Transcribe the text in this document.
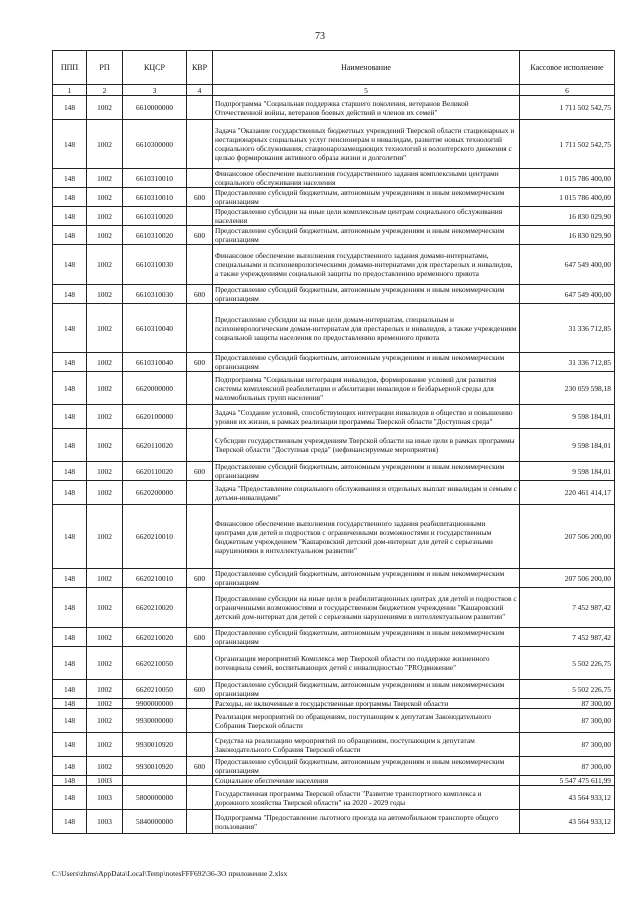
73
ППП	РП	КЦСР	КВР	Наименование	Кассовое исполнение
1	2	3	4	5	6
148	1002	6610000000		Подпрограмма "Социальная поддержка старшего поколения, ветеранов Великой Отечественной войны, ветеранов боевых действий и членов их семей"	1 711 502 542,75
148	1002	6610300000		Задача "Оказание государственных бюджетных учреждений Тверской области стационарных и нестационарных социальных услуг пенсионерам и инвалидам, развитие новых технологий социального обслуживания, стационарозамещающих технологий и волонтерского движения с целью формирования активного образа жизни и долголетия"	1 711 502 542,75
148	1002	6610310010		Финансовое обеспечение выполнения государственного задания комплексными центрами социального обслуживания населения	1 015 786 400,00
148	1002	6610310010	600	Предоставление субсидий бюджетным, автономным учреждениям и иным некоммерческим организациям	1 015 786 400,00
148	1002	6610310020		Предоставление субсидии на иные цели комплексным центрам социального обслуживания населения	16 830 029,90
148	1002	6610310020	600	Предоставление субсидий бюджетным, автономным учреждениям и иным некоммерческим организациям	16 830 029,90
148	1002	6610310030		Финансовое обеспечение выполнения государственного задания домами-интернатами, специальными и психоневрологическими домами-интернатами для престарелых и инвалидов, а также учреждениями социальной защиты по предоставлению временного приюта	647 549 400,00
148	1002	6610310030	600	Предоставление субсидий бюджетным, автономным учреждениям и иным некоммерческим организациям	647 549 400,00
148	1002	6610310040		Предоставление субсидии на иные цели домам-интернатам, специальным и психоневрологическим домам-интернатам для престарелых и инвалидов, а также учреждениям социальной защиты населения по предоставлению временного приюта	31 336 712,85
148	1002	6610310040	600	Предоставление субсидий бюджетным, автономным учреждениям и иным некоммерческим организациям	31 336 712,85
148	1002	6620000000		Подпрограмма "Социальная интеграция инвалидов, формирование условий для развития системы комплексной реабилитации и абилитации инвалидов и безбарьерной среды для маломобильных групп населения"	230 059 598,18
148	1002	6620100000		Задача "Создание условий, способствующих интеграции инвалидов в общество и повышению уровня их жизни, в рамках реализации программы Тверской области "Доступная среда"	9 598 184,01
148	1002	6620110020		Субсидии государственным учреждениям Тверской области на иные цели в рамках программы Тверской области "Доступная среда" (нефинансируемые мероприятия)	9 598 184,01
148	1002	6620110020	600	Предоставление субсидий бюджетным, автономным учреждениям и иным некоммерческим организациям	9 598 184,01
148	1002	6620200000		Задача "Предоставление социального обслуживания и отдельных выплат инвалидам и семьям с детьми-инвалидами"	220 461 414,17
148	1002	6620210010		Финансовое обеспечение выполнения государственного задания реабилитационными центрами для детей и подростков с ограниченными возможностями и государственным бюджетным учреждением "Кашаровский детский дом-интернат для детей с серьезными нарушениями в интеллектуальном развитии"	207 506 200,00
148	1002	6620210010	600	Предоставление субсидий бюджетным, автономным учреждениям и иным некоммерческим организациям	207 506 200,00
148	1002	6620210020		Предоставление субсидии на иные цели в реабилитационных центрах для детей и подростков с ограниченными возможностями и государственном бюджетном учреждении "Кашаровский детский дом-интернат для детей с серьезными нарушениями в интеллектуальном развитии"	7 452 987,42
148	1002	6620210020	600	Предоставление субсидий бюджетным, автономным учреждениям и иным некоммерческим организациям	7 452 987,42
148	1002	6620210050		Организация мероприятий Комплекса мер Тверской области по поддержке жизненного потенциала семей, воспитывающих детей с инвалидностью "PROдвижение"	5 502 226,75
148	1002	6620210050	600	Предоставление субсидий бюджетным, автономным учреждениям и иным некоммерческим организациям	5 502 226,75
148	1002	9900000000		Расходы, не включенные в государственные программы Тверской области	87 300,00
148	1002	9930000000		Реализация мероприятий по обращениям, поступающим к депутатам Законодательного Собрания Тверской области	87 300,00
148	1002	9930010920		Средства на реализацию мероприятий по обращениям, поступающим к депутатам Законодательного Собрания Тверской области	87 300,00
148	1002	9930010920	600	Предоставление субсидий бюджетным, автономным учреждениям и иным некоммерческим организациям	87 300,00
148	1003			Социальное обеспечение населения	5 547 475 611,99
148	1003	5800000000		Государственная программа Тверской области "Развитие транспортного комплекса и дорожного хозяйства Тверской области" на 2020 - 2029 годы	43 564 933,12
148	1003	5840000000		Подпрограмма "Предоставление льготного проезда на автомобильном транспорте общего пользования"	43 564 933,12
C:\Users\zhms\AppData\Local\Temp\notesFFF692\36-3O приложение 2.xlsx
